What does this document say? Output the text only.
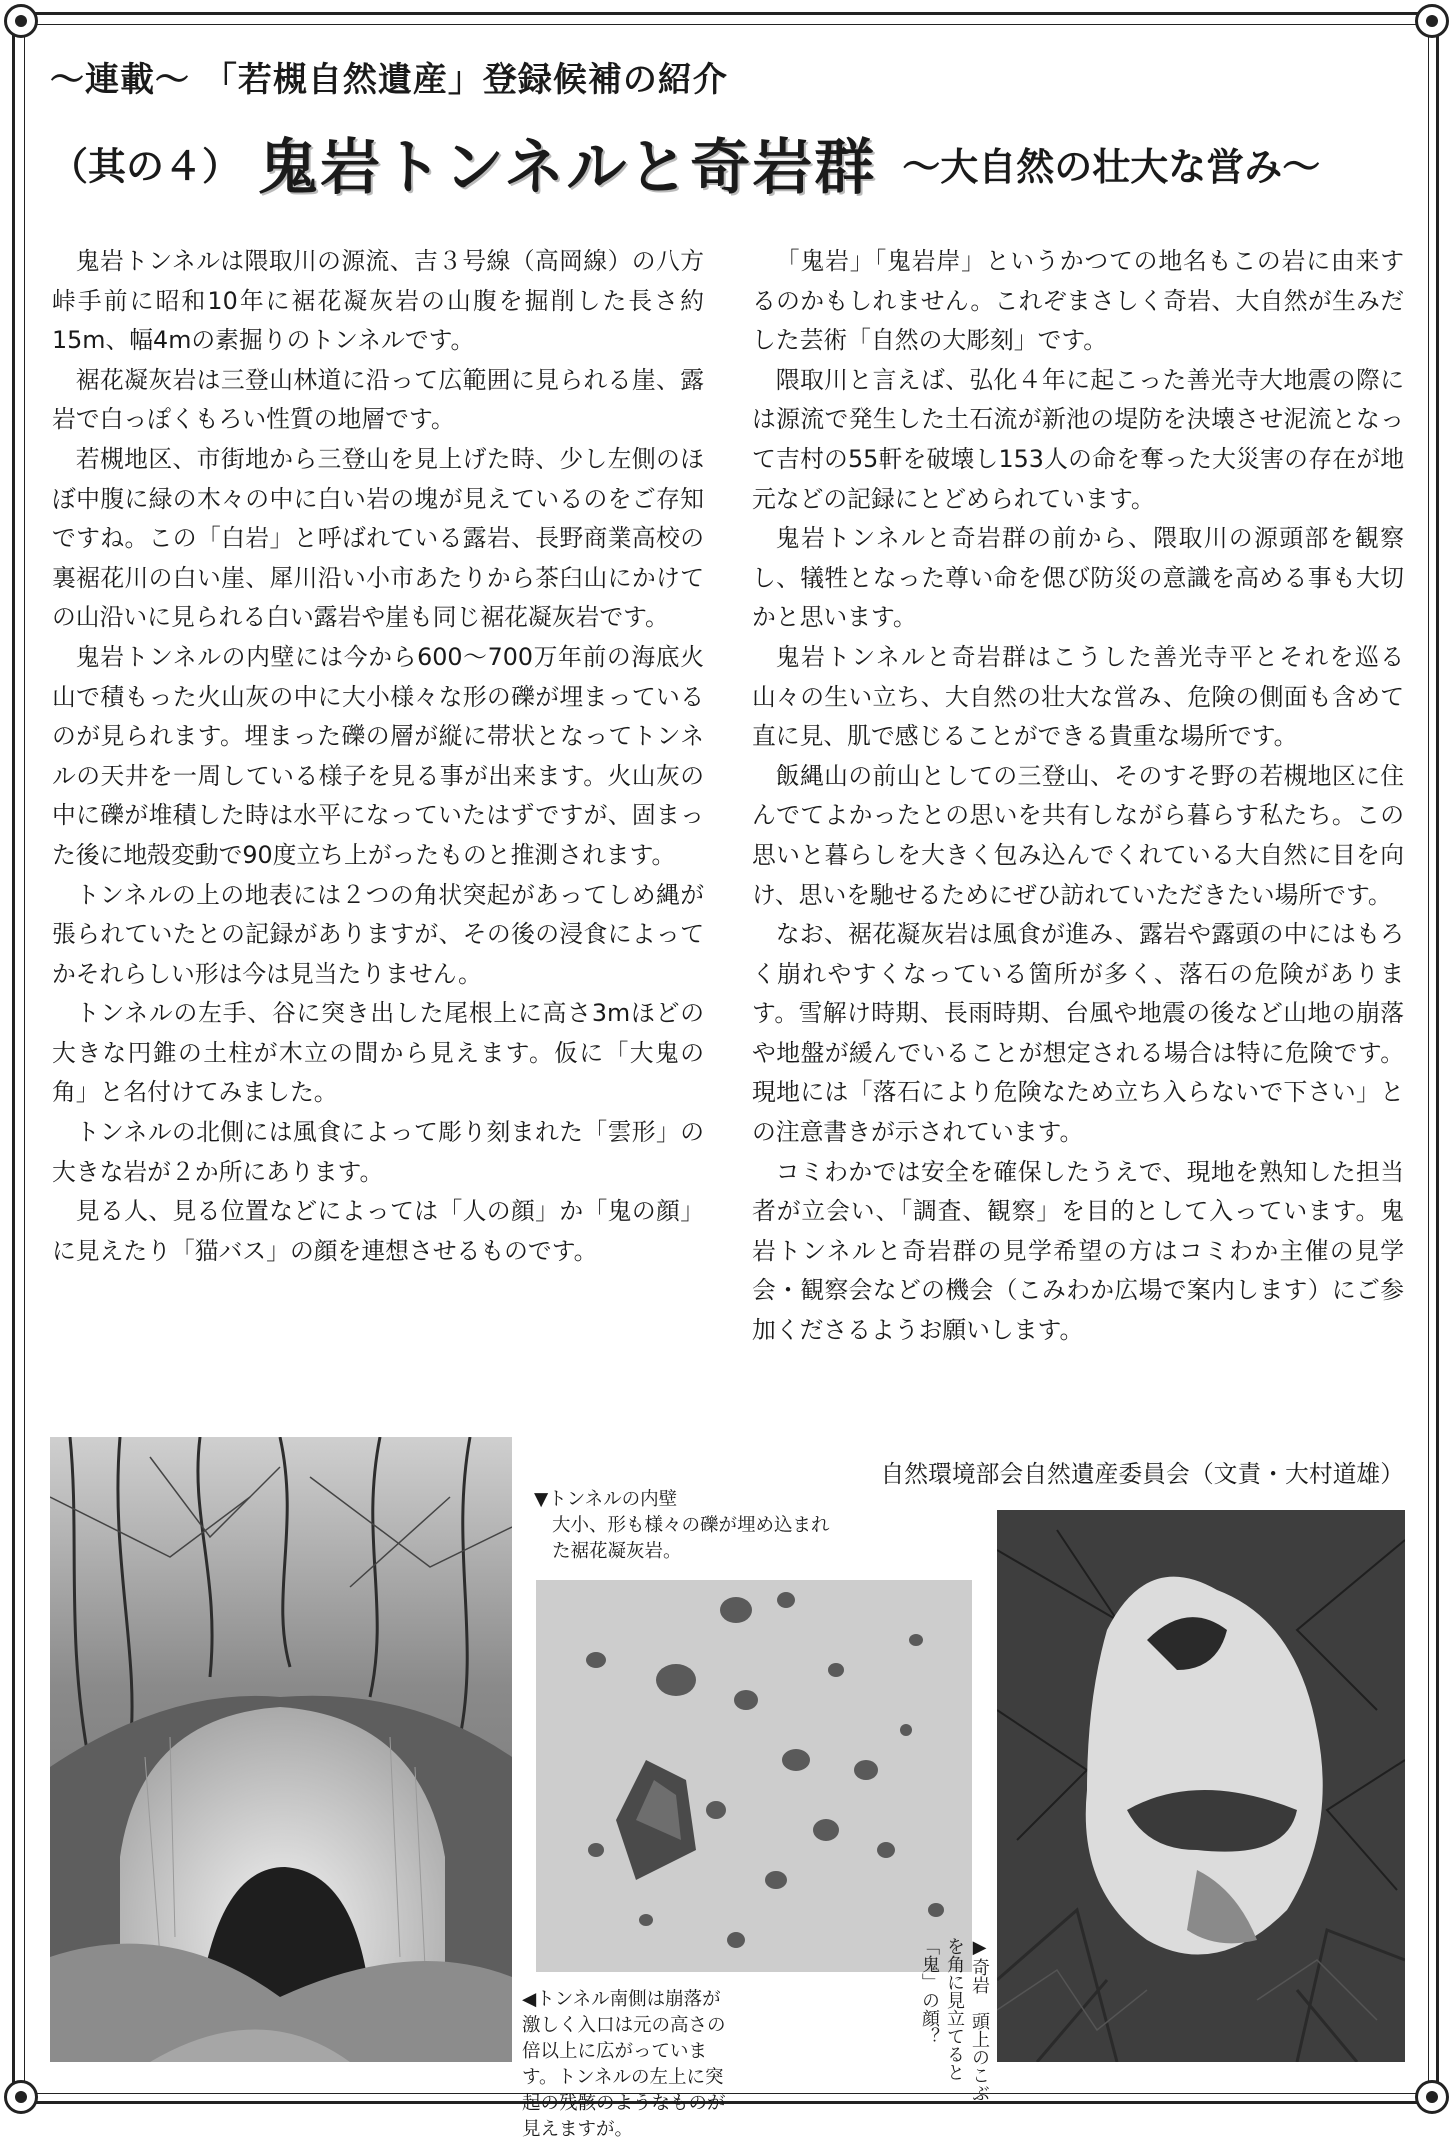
～連載～ 「若槻自然遺産」登録候補の紹介
（其の４） 鬼岩トンネルと奇岩群 ～大自然の壮大な営み～

鬼岩トンネルは隈取川の源流、吉３号線（高岡線）の八方峠手前に昭和10年に裾花凝灰岩の山腹を掘削した長さ約15m、幅4mの素掘りのトンネルです。

裾花凝灰岩は三登山林道に沿って広範囲に見られる崖、露岩で白っぽくもろい性質の地層です。

若槻地区、市街地から三登山を見上げた時、少し左側のほぼ中腹に緑の木々の中に白い岩の塊が見えているのをご存知ですね。この「白岩」と呼ばれている露岩、長野商業高校の裏裾花川の白い崖、犀川沿い小市あたりから茶臼山にかけての山沿いに見られる白い露岩や崖も同じ裾花凝灰岩です。

鬼岩トンネルの内壁には今から600～700万年前の海底火山で積もった火山灰の中に大小様々な形の礫が埋まっているのが見られます。埋まった礫の層が縦に帯状となってトンネルの天井を一周している様子を見る事が出来ます。火山灰の中に礫が堆積した時は水平になっていたはずですが、固まった後に地殻変動で90度立ち上がったものと推測されます。

トンネルの上の地表には２つの角状突起があってしめ縄が張られていたとの記録がありますが、その後の浸食によってかそれらしい形は今は見当たりません。

トンネルの左手、谷に突き出した尾根上に高さ3mほどの大きな円錐の土柱が木立の間から見えます。仮に「大鬼の角」と名付けてみました。

トンネルの北側には風食によって彫り刻まれた「雲形」の大きな岩が２か所にあります。

見る人、見る位置などによっては「人の顔」か「鬼の顔」に見えたり「猫バス」の顔を連想させるものです。

「鬼岩」「鬼岩岸」というかつての地名もこの岩に由来するのかもしれません。これぞまさしく奇岩、大自然が生みだした芸術「自然の大彫刻」です。

隈取川と言えば、弘化４年に起こった善光寺大地震の際には源流で発生した土石流が新池の堤防を決壊させ泥流となって吉村の55軒を破壊し153人の命を奪った大災害の存在が地元などの記録にとどめられています。

鬼岩トンネルと奇岩群の前から、隈取川の源頭部を観察し、犠牲となった尊い命を偲び防災の意識を高める事も大切かと思います。

鬼岩トンネルと奇岩群はこうした善光寺平とそれを巡る山々の生い立ち、大自然の壮大な営み、危険の側面も含めて直に見、肌で感じることができる貴重な場所です。

飯縄山の前山としての三登山、そのすそ野の若槻地区に住んでてよかったとの思いを共有しながら暮らす私たち。この思いと暮らしを大きく包み込んでくれている大自然に目を向け、思いを馳せるためにぜひ訪れていただきたい場所です。

なお、裾花凝灰岩は風食が進み、露岩や露頭の中にはもろく崩れやすくなっている箇所が多く、落石の危険があります。雪解け時期、長雨時期、台風や地震の後など山地の崩落や地盤が緩んでいることが想定される場合は特に危険です。現地には「落石により危険なため立ち入らないで下さい」との注意書きが示されています。

コミわかでは安全を確保したうえで、現地を熟知した担当者が立会い、「調査、観察」を目的として入っています。鬼岩トンネルと奇岩群の見学希望の方はコミわか主催の見学会・観察会などの機会（こみわか広場で案内します）にご参加くださるようお願いします。

自然環境部会自然遺産委員会（文責・大村道雄）

▼トンネルの内壁

大小、形も様々の礫が埋め込まれた裾花凝灰岩。

◀トンネル南側は崩落が激しく入口は元の高さの倍以上に広がっています。トンネルの左上に突起の残骸のようなものが見えますが。

▶奇岩　頭上のこぶを角に見立てると「鬼」の顔？
